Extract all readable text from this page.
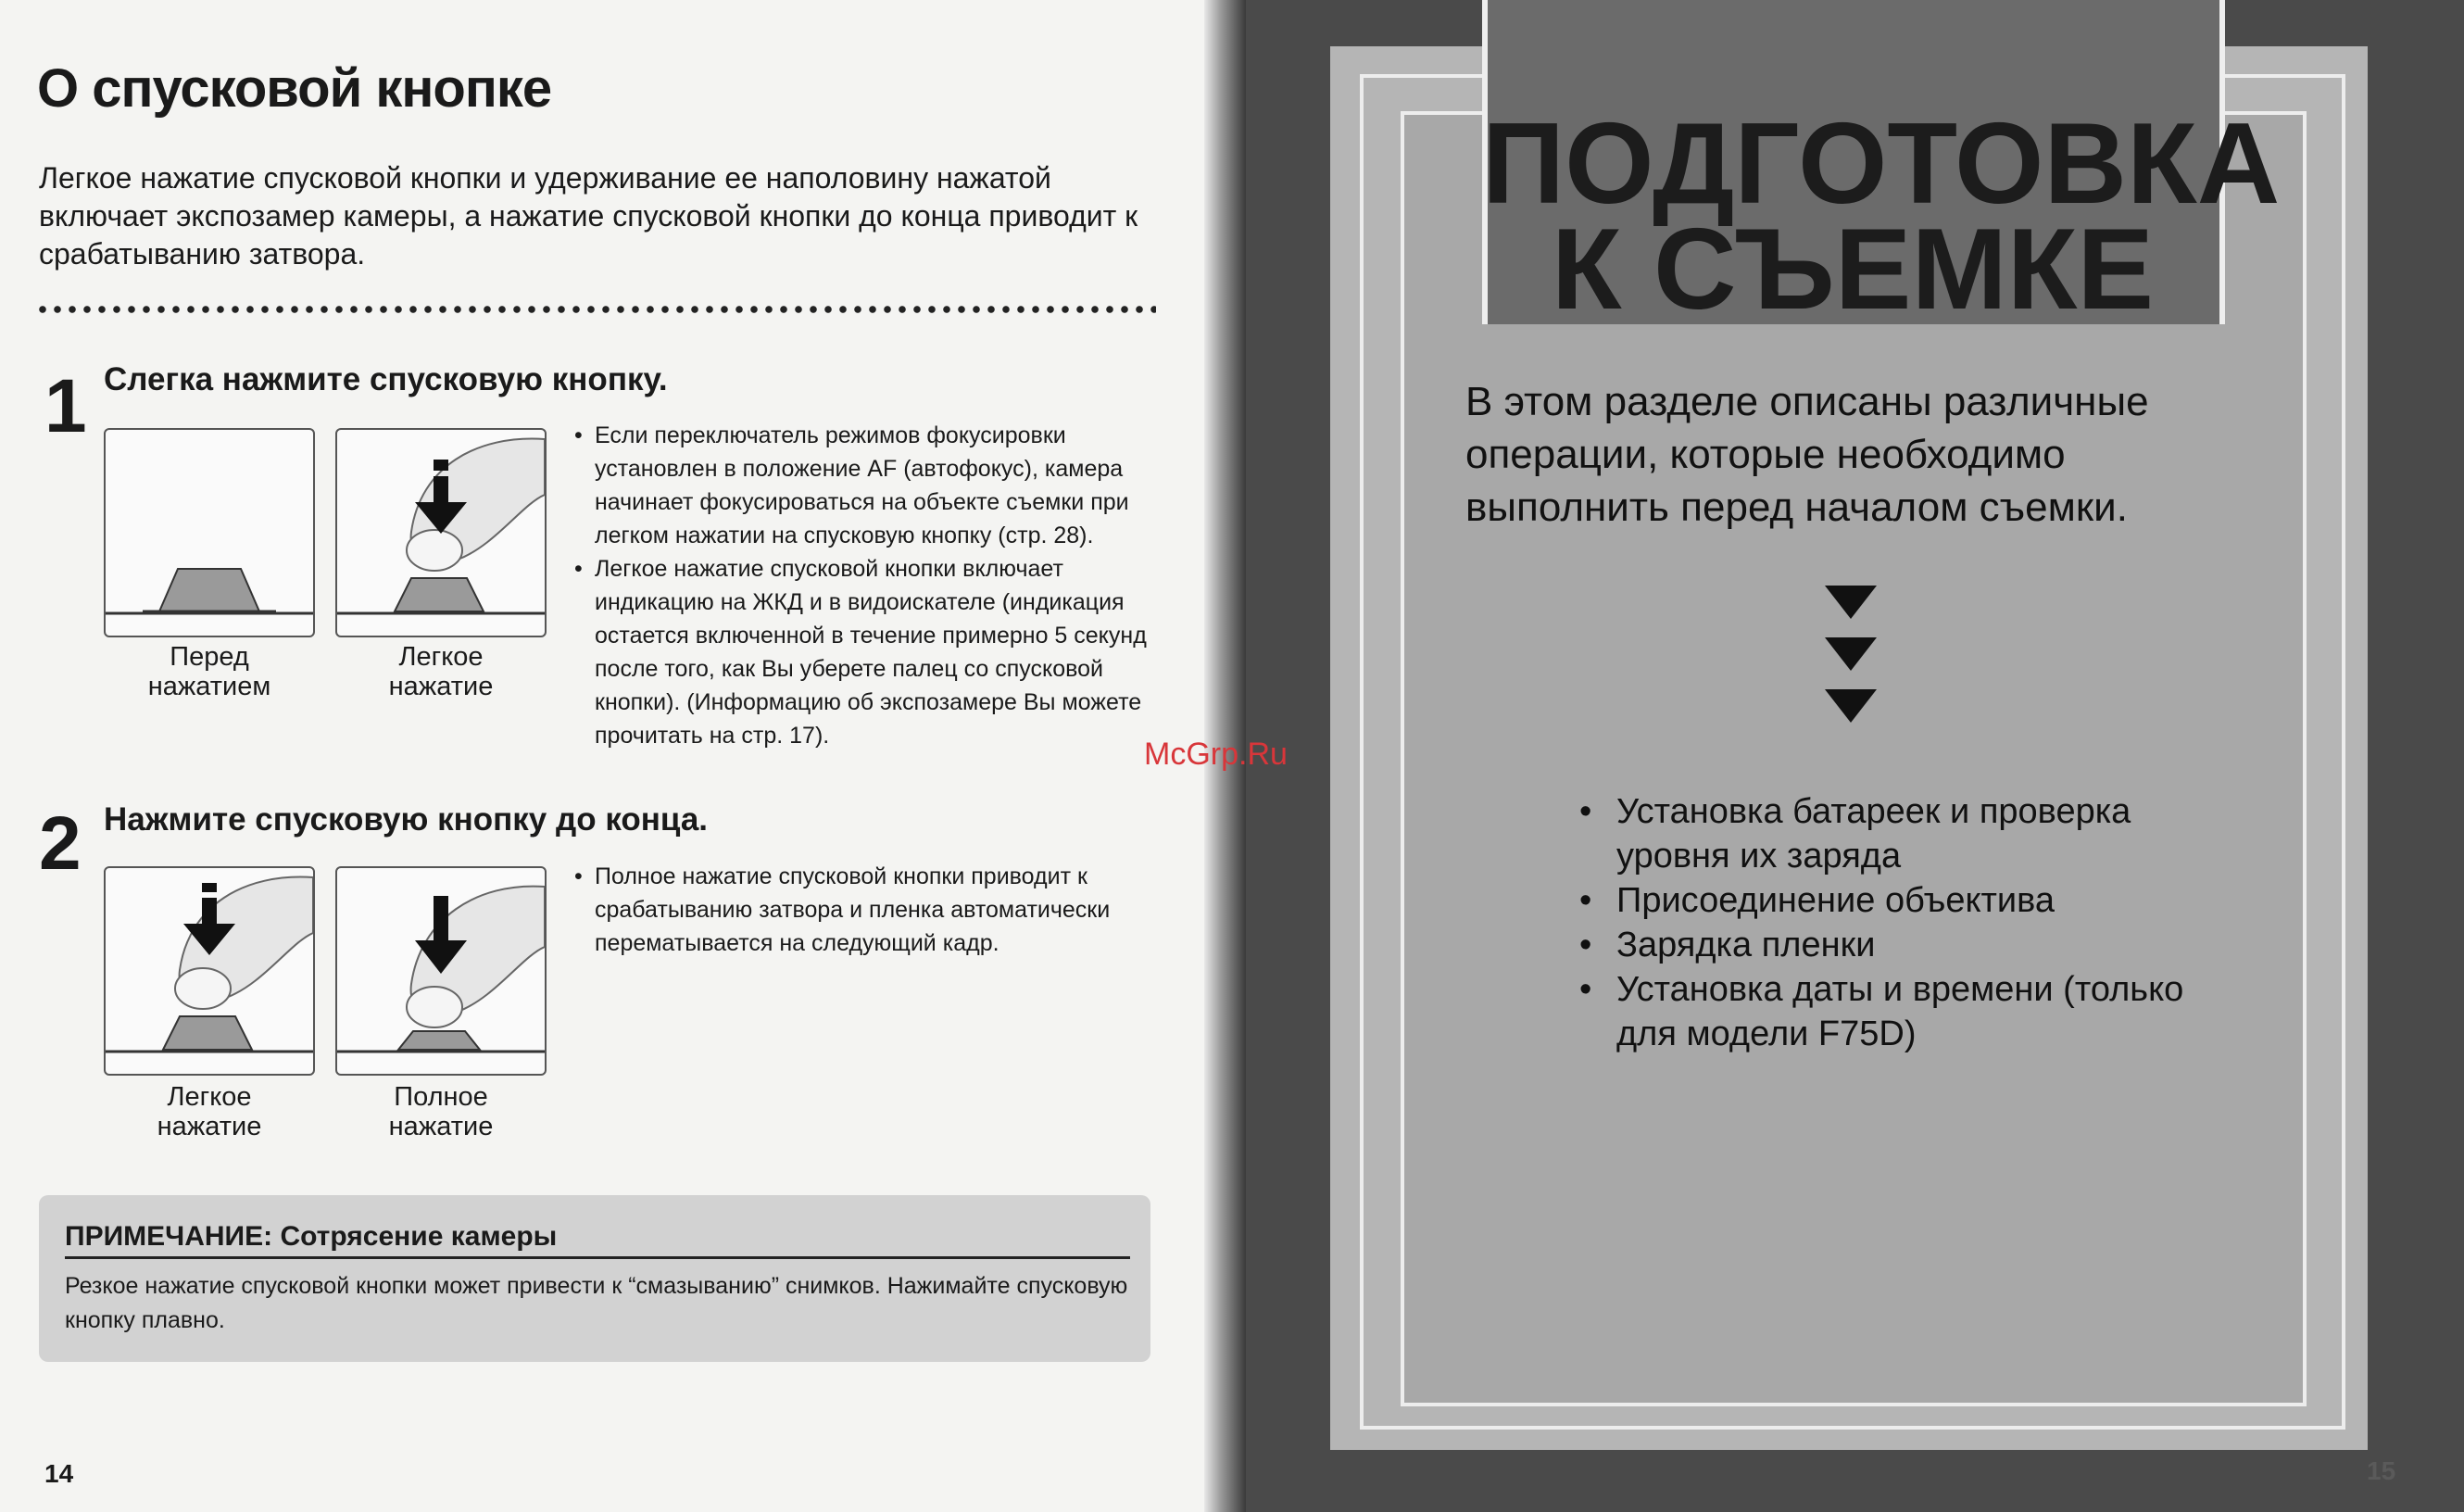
О спусковой кнопке

Легкое нажатие спусковой кнопки и удерживание ее наполовину нажатой включает экспозамер камеры, а нажатие спусковой кнопки до конца приводит к срабатыванию затвора.

1 Слегка нажмите спусковую кнопку.
Перед
нажатием
Легкое
нажатие
• Если переключатель режимов фокусировки установлен в положение AF (автофокус), камера начинает фокусироваться на объекте съемки при легком нажатии на спусковую кнопку (стр. 28).
• Легкое нажатие спусковой кнопки включает индикацию на ЖКД и в видоискателе (индикация остается включенной в течение примерно 5 секунд после того, как Вы уберете палец со спусковой кнопки). (Информацию об экспозамере Вы можете прочитать на стр. 17).
2 Нажмите спусковую кнопку до конца.
Легкое
нажатие
Полное
нажатие
• Полное нажатие спусковой кнопки приводит к срабатыванию затвора и пленка автоматически перематывается на следующий кадр.
ПРИМЕЧАНИЕ: Сотрясение камеры
Резкое нажатие спусковой кнопки может привести к “смазыванию” снимков. Нажимайте спусковую кнопку плавно.
14
ПОДГОТОВКА
К СЪЕМКЕ
В этом разделе описаны различные операции, которые необходимо выполнить перед началом съемки.
• Установка батареек и проверка уровня их заряда
• Присоединение объектива
• Зарядка пленки
• Установка даты и времени (только для модели F75D)
15
McGrp.Ru
